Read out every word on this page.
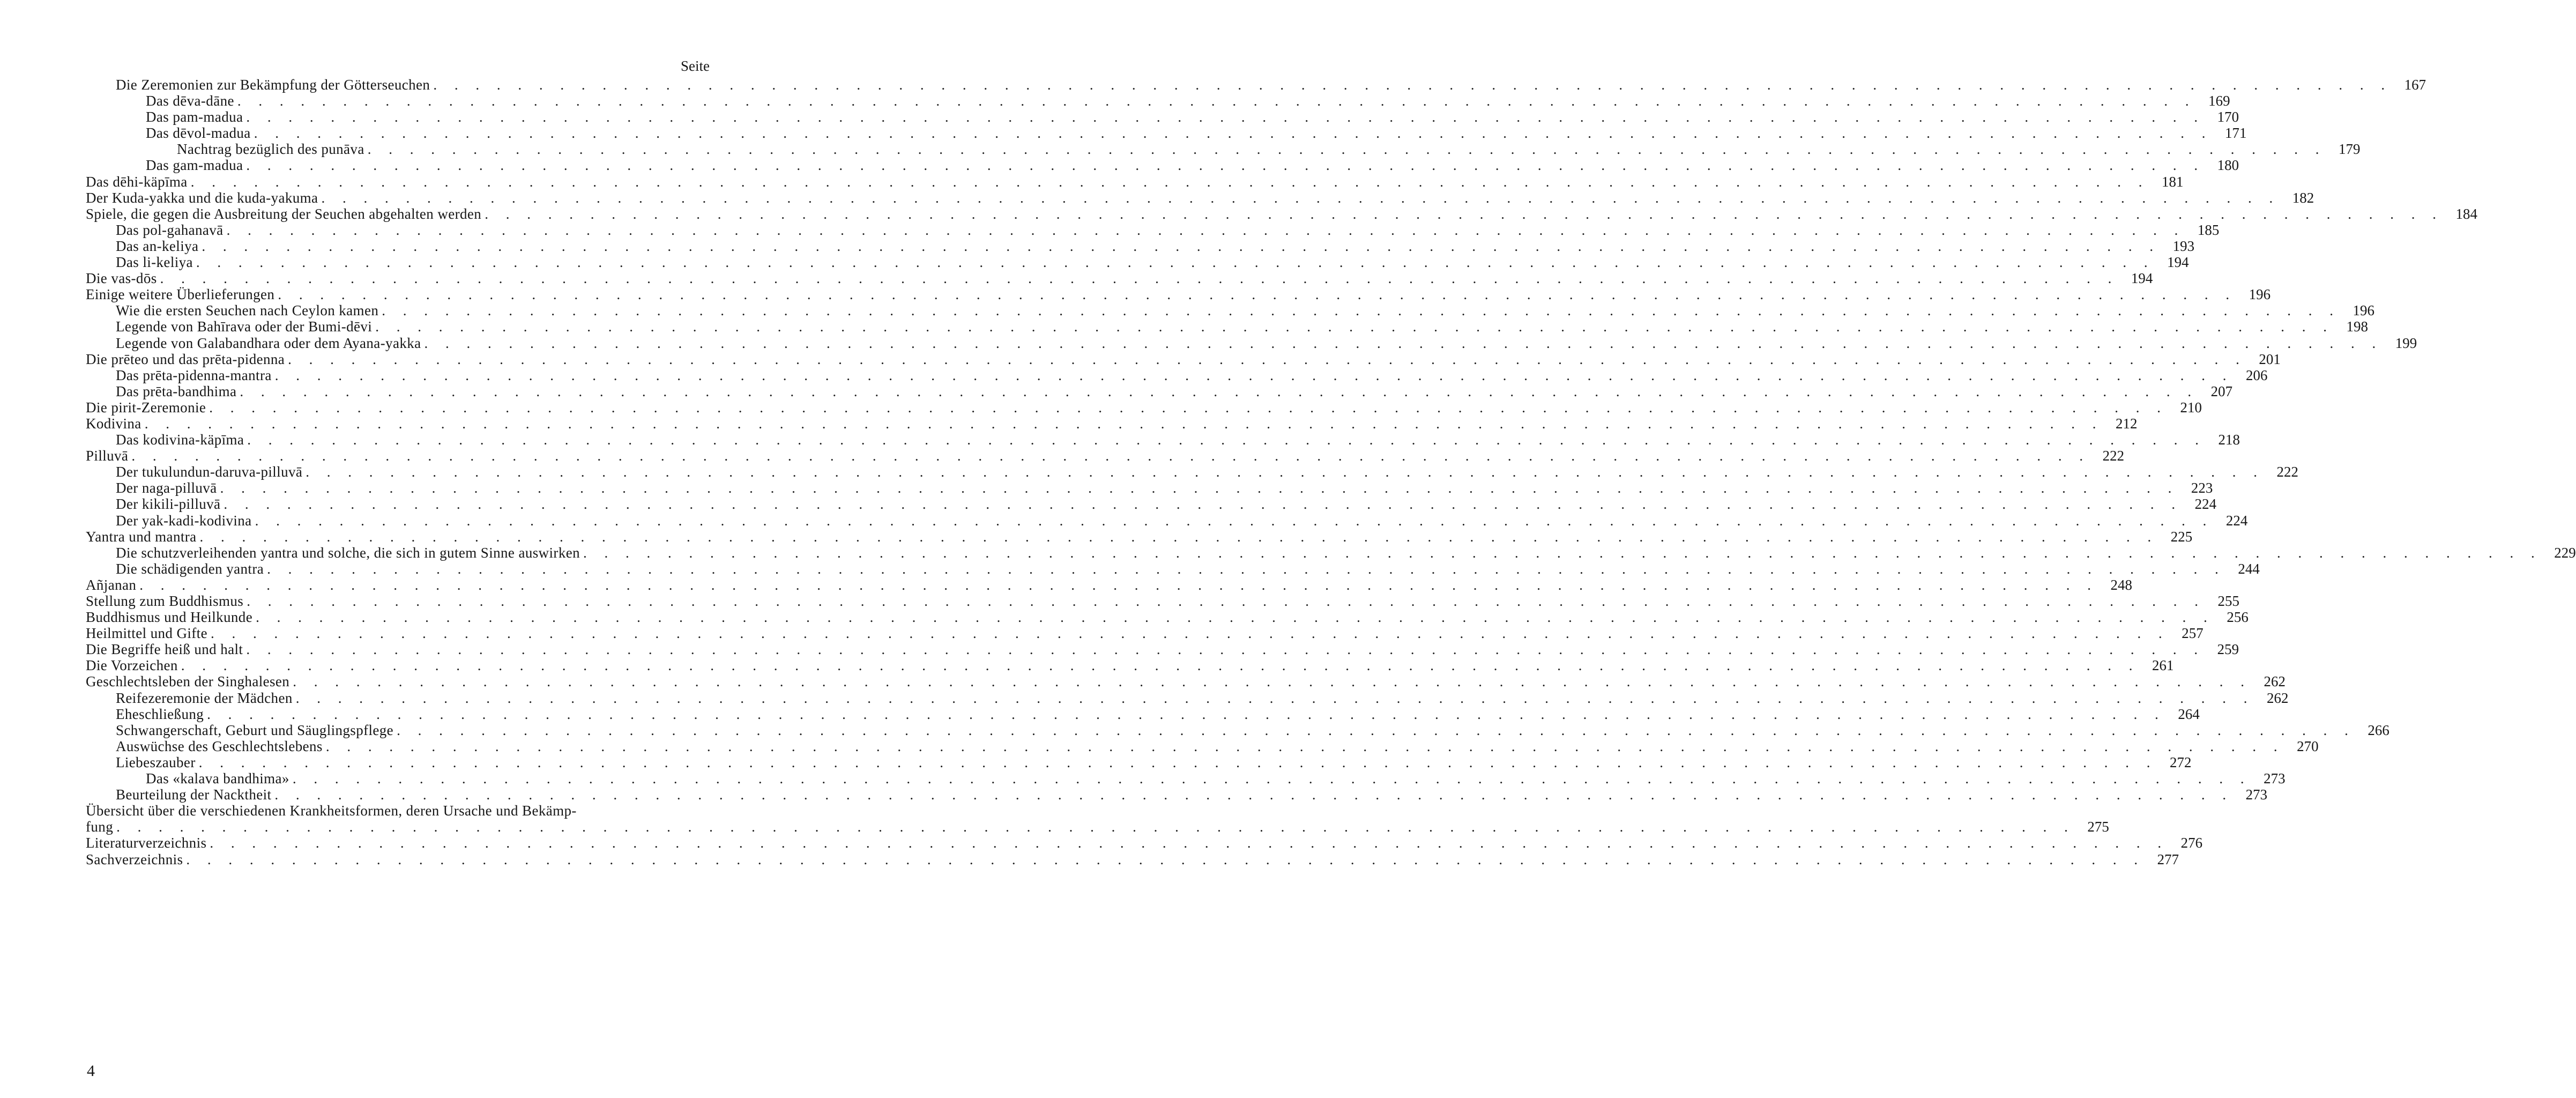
Seite
Die Zeremonien zur Bekämpfung der Götterseuchen . . . . . . . . . . . . . . . . . . . . . . . . . . . . . . . . . . . . . . . . . . . . . . . . . . . . . . . . . . . . . . . . . . . . . . . . . . . . . . . . . . . . . . . . . . . . . 167
Das dēva-dāne . . . . . . . . . . . . . . . . . . . . . . . . . . . . . . . . . . . . . . . . . . . . . . . . . . . . . . . . . . . . . . . . . . . . . . . . . . . . . . . . . . . . . . . . . . . . . 169
Das pam-madua . . . . . . . . . . . . . . . . . . . . . . . . . . . . . . . . . . . . . . . . . . . . . . . . . . . . . . . . . . . . . . . . . . . . . . . . . . . . . . . . . . . . . . . . . . . . . 170
Das dēvol-madua . . . . . . . . . . . . . . . . . . . . . . . . . . . . . . . . . . . . . . . . . . . . . . . . . . . . . . . . . . . . . . . . . . . . . . . . . . . . . . . . . . . . . . . . . . . . . 171
Nachtrag bezüglich des punāva . . . . . . . . . . . . . . . . . . . . . . . . . . . . . . . . . . . . . . . . . . . . . . . . . . . . . . . . . . . . . . . . . . . . . . . . . . . . . . . . . . . . . . . . . . . . . 179
Das gam-madua . . . . . . . . . . . . . . . . . . . . . . . . . . . . . . . . . . . . . . . . . . . . . . . . . . . . . . . . . . . . . . . . . . . . . . . . . . . . . . . . . . . . . . . . . . . . . 180
Das dēhi-käpīma . . . . . . . . . . . . . . . . . . . . . . . . . . . . . . . . . . . . . . . . . . . . . . . . . . . . . . . . . . . . . . . . . . . . . . . . . . . . . . . . . . . . . . . . . . . . . 181
Der Kuda-yakka und die kuda-yakuma . . . . . . . . . . . . . . . . . . . . . . . . . . . . . . . . . . . . . . . . . . . . . . . . . . . . . . . . . . . . . . . . . . . . . . . . . . . . . . . . . . . . . . . . . . . . . 182
Spiele, die gegen die Ausbreitung der Seuchen abgehalten werden . . . . . . . . . . . . . . . . . . . . . . . . . . . . . . . . . . . . . . . . . . . . . . . . . . . . . . . . . . . . . . . . . . . . . . . . . . . . . . . . . . . . . . . . . . . . . 184
Das pol-gahanavā . . . . . . . . . . . . . . . . . . . . . . . . . . . . . . . . . . . . . . . . . . . . . . . . . . . . . . . . . . . . . . . . . . . . . . . . . . . . . . . . . . . . . . . . . . . . . 185
Das an-keliya . . . . . . . . . . . . . . . . . . . . . . . . . . . . . . . . . . . . . . . . . . . . . . . . . . . . . . . . . . . . . . . . . . . . . . . . . . . . . . . . . . . . . . . . . . . . . 193
Das li-keliya . . . . . . . . . . . . . . . . . . . . . . . . . . . . . . . . . . . . . . . . . . . . . . . . . . . . . . . . . . . . . . . . . . . . . . . . . . . . . . . . . . . . . . . . . . . . . 194
Die vas-dōs . . . . . . . . . . . . . . . . . . . . . . . . . . . . . . . . . . . . . . . . . . . . . . . . . . . . . . . . . . . . . . . . . . . . . . . . . . . . . . . . . . . . . . . . . . . . . 194
Einige weitere Überlieferungen . . . . . . . . . . . . . . . . . . . . . . . . . . . . . . . . . . . . . . . . . . . . . . . . . . . . . . . . . . . . . . . . . . . . . . . . . . . . . . . . . . . . . . . . . . . . . 196
Wie die ersten Seuchen nach Ceylon kamen . . . . . . . . . . . . . . . . . . . . . . . . . . . . . . . . . . . . . . . . . . . . . . . . . . . . . . . . . . . . . . . . . . . . . . . . . . . . . . . . . . . . . . . . . . . . . 196
Legende von Bahīrava oder der Bumi-dēvi . . . . . . . . . . . . . . . . . . . . . . . . . . . . . . . . . . . . . . . . . . . . . . . . . . . . . . . . . . . . . . . . . . . . . . . . . . . . . . . . . . . . . . . . . . . . . 198
Legende von Galabandhara oder dem Ayana-yakka . . . . . . . . . . . . . . . . . . . . . . . . . . . . . . . . . . . . . . . . . . . . . . . . . . . . . . . . . . . . . . . . . . . . . . . . . . . . . . . . . . . . . . . . . . . . . 199
Die prēteo und das prēta-pidenna . . . . . . . . . . . . . . . . . . . . . . . . . . . . . . . . . . . . . . . . . . . . . . . . . . . . . . . . . . . . . . . . . . . . . . . . . . . . . . . . . . . . . . . . . . . . . 201
Das prēta-pidenna-mantra . . . . . . . . . . . . . . . . . . . . . . . . . . . . . . . . . . . . . . . . . . . . . . . . . . . . . . . . . . . . . . . . . . . . . . . . . . . . . . . . . . . . . . . . . . . . . 206
Das prēta-bandhima . . . . . . . . . . . . . . . . . . . . . . . . . . . . . . . . . . . . . . . . . . . . . . . . . . . . . . . . . . . . . . . . . . . . . . . . . . . . . . . . . . . . . . . . . . . . . 207
Die pirit-Zeremonie . . . . . . . . . . . . . . . . . . . . . . . . . . . . . . . . . . . . . . . . . . . . . . . . . . . . . . . . . . . . . . . . . . . . . . . . . . . . . . . . . . . . . . . . . . . . . 210
Kodivina . . . . . . . . . . . . . . . . . . . . . . . . . . . . . . . . . . . . . . . . . . . . . . . . . . . . . . . . . . . . . . . . . . . . . . . . . . . . . . . . . . . . . . . . . . . . . 212
Das kodivina-käpīma . . . . . . . . . . . . . . . . . . . . . . . . . . . . . . . . . . . . . . . . . . . . . . . . . . . . . . . . . . . . . . . . . . . . . . . . . . . . . . . . . . . . . . . . . . . . . 218
Pilluvā . . . . . . . . . . . . . . . . . . . . . . . . . . . . . . . . . . . . . . . . . . . . . . . . . . . . . . . . . . . . . . . . . . . . . . . . . . . . . . . . . . . . . . . . . . . . . 222
Der tukulundun-daruva-pilluvā . . . . . . . . . . . . . . . . . . . . . . . . . . . . . . . . . . . . . . . . . . . . . . . . . . . . . . . . . . . . . . . . . . . . . . . . . . . . . . . . . . . . . . . . . . . . . 222
Der naga-pilluvā . . . . . . . . . . . . . . . . . . . . . . . . . . . . . . . . . . . . . . . . . . . . . . . . . . . . . . . . . . . . . . . . . . . . . . . . . . . . . . . . . . . . . . . . . . . . . 223
Der kikili-pilluvā . . . . . . . . . . . . . . . . . . . . . . . . . . . . . . . . . . . . . . . . . . . . . . . . . . . . . . . . . . . . . . . . . . . . . . . . . . . . . . . . . . . . . . . . . . . . . 224
Der yak-kadi-kodivina . . . . . . . . . . . . . . . . . . . . . . . . . . . . . . . . . . . . . . . . . . . . . . . . . . . . . . . . . . . . . . . . . . . . . . . . . . . . . . . . . . . . . . . . . . . . . 224
Yantra und mantra . . . . . . . . . . . . . . . . . . . . . . . . . . . . . . . . . . . . . . . . . . . . . . . . . . . . . . . . . . . . . . . . . . . . . . . . . . . . . . . . . . . . . . . . . . . . . 225
Die schutzverleihenden yantra und solche, die sich in gutem Sinne auswirken . . . . . . . . . . . . . . . . . . . . . . . . . . . . . . . . . . . . . . . . . . . . . . . . . . . . . . . . . . . . . . . . . . . . . . . . . . . . . . . . . . . . . . . . . . . . . 229
Die schädigenden yantra . . . . . . . . . . . . . . . . . . . . . . . . . . . . . . . . . . . . . . . . . . . . . . . . . . . . . . . . . . . . . . . . . . . . . . . . . . . . . . . . . . . . . . . . . . . . . 244
Añjanan . . . . . . . . . . . . . . . . . . . . . . . . . . . . . . . . . . . . . . . . . . . . . . . . . . . . . . . . . . . . . . . . . . . . . . . . . . . . . . . . . . . . . . . . . . . . . 248
Stellung zum Buddhismus . . . . . . . . . . . . . . . . . . . . . . . . . . . . . . . . . . . . . . . . . . . . . . . . . . . . . . . . . . . . . . . . . . . . . . . . . . . . . . . . . . . . . . . . . . . . . 255
Buddhismus und Heilkunde . . . . . . . . . . . . . . . . . . . . . . . . . . . . . . . . . . . . . . . . . . . . . . . . . . . . . . . . . . . . . . . . . . . . . . . . . . . . . . . . . . . . . . . . . . . . . 256
Heilmittel und Gifte . . . . . . . . . . . . . . . . . . . . . . . . . . . . . . . . . . . . . . . . . . . . . . . . . . . . . . . . . . . . . . . . . . . . . . . . . . . . . . . . . . . . . . . . . . . . . 257
Die Begriffe heiß und halt . . . . . . . . . . . . . . . . . . . . . . . . . . . . . . . . . . . . . . . . . . . . . . . . . . . . . . . . . . . . . . . . . . . . . . . . . . . . . . . . . . . . . . . . . . . . . 259
Die Vorzeichen . . . . . . . . . . . . . . . . . . . . . . . . . . . . . . . . . . . . . . . . . . . . . . . . . . . . . . . . . . . . . . . . . . . . . . . . . . . . . . . . . . . . . . . . . . . . . 261
Geschlechtsleben der Singhalesen . . . . . . . . . . . . . . . . . . . . . . . . . . . . . . . . . . . . . . . . . . . . . . . . . . . . . . . . . . . . . . . . . . . . . . . . . . . . . . . . . . . . . . . . . . . . . 262
Reifezeremonie der Mädchen . . . . . . . . . . . . . . . . . . . . . . . . . . . . . . . . . . . . . . . . . . . . . . . . . . . . . . . . . . . . . . . . . . . . . . . . . . . . . . . . . . . . . . . . . . . . . 262
Eheschließung . . . . . . . . . . . . . . . . . . . . . . . . . . . . . . . . . . . . . . . . . . . . . . . . . . . . . . . . . . . . . . . . . . . . . . . . . . . . . . . . . . . . . . . . . . . . . 264
Schwangerschaft, Geburt und Säuglingspflege . . . . . . . . . . . . . . . . . . . . . . . . . . . . . . . . . . . . . . . . . . . . . . . . . . . . . . . . . . . . . . . . . . . . . . . . . . . . . . . . . . . . . . . . . . . . . 266
Auswüchse des Geschlechtslebens . . . . . . . . . . . . . . . . . . . . . . . . . . . . . . . . . . . . . . . . . . . . . . . . . . . . . . . . . . . . . . . . . . . . . . . . . . . . . . . . . . . . . . . . . . . . . 270
Liebeszauber . . . . . . . . . . . . . . . . . . . . . . . . . . . . . . . . . . . . . . . . . . . . . . . . . . . . . . . . . . . . . . . . . . . . . . . . . . . . . . . . . . . . . . . . . . . . . 272
Das «kalava bandhima» . . . . . . . . . . . . . . . . . . . . . . . . . . . . . . . . . . . . . . . . . . . . . . . . . . . . . . . . . . . . . . . . . . . . . . . . . . . . . . . . . . . . . . . . . . . . . 273
Beurteilung der Nacktheit . . . . . . . . . . . . . . . . . . . . . . . . . . . . . . . . . . . . . . . . . . . . . . . . . . . . . . . . . . . . . . . . . . . . . . . . . . . . . . . . . . . . . . . . . . . . . 273
Übersicht über die verschiedenen Krankheitsformen, deren Ursache und Bekämp-
fung . . . . . . . . . . . . . . . . . . . . . . . . . . . . . . . . . . . . . . . . . . . . . . . . . . . . . . . . . . . . . . . . . . . . . . . . . . . . . . . . . . . . . . . . . . . . . 275
Literaturverzeichnis . . . . . . . . . . . . . . . . . . . . . . . . . . . . . . . . . . . . . . . . . . . . . . . . . . . . . . . . . . . . . . . . . . . . . . . . . . . . . . . . . . . . . . . . . . . . . 276
Sachverzeichnis . . . . . . . . . . . . . . . . . . . . . . . . . . . . . . . . . . . . . . . . . . . . . . . . . . . . . . . . . . . . . . . . . . . . . . . . . . . . . . . . . . . . . . . . . . . . . 277
4
